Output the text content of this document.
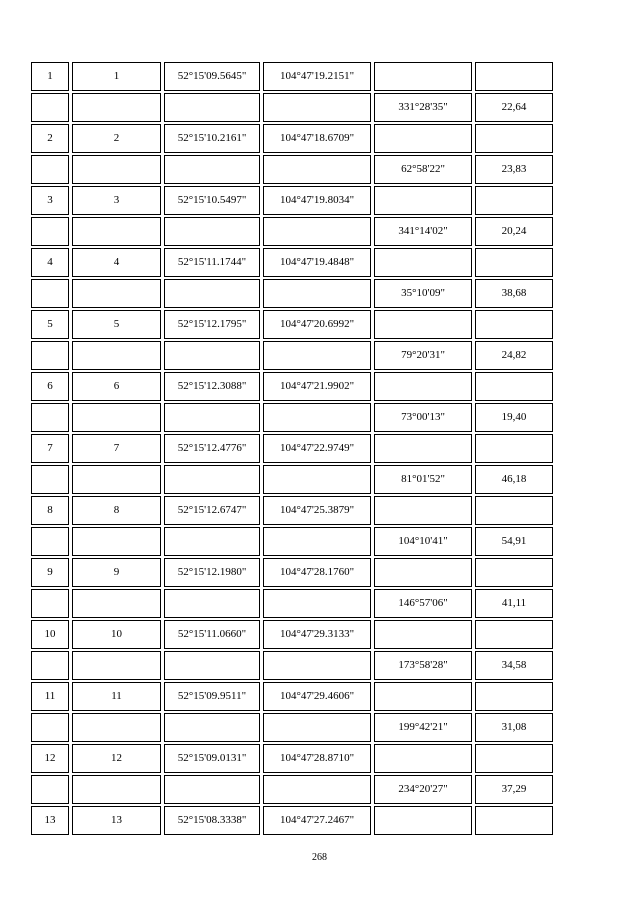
1	1	52°15'09.5645"	104°47'19.2151"		
				331°28'35"	22,64
2	2	52°15'10.2161"	104°47'18.6709"		
				62°58'22"	23,83
3	3	52°15'10.5497"	104°47'19.8034"		
				341°14'02"	20,24
4	4	52°15'11.1744"	104°47'19.4848"		
				35°10'09"	38,68
5	5	52°15'12.1795"	104°47'20.6992"		
				79°20'31"	24,82
6	6	52°15'12.3088"	104°47'21.9902"		
				73°00'13"	19,40
7	7	52°15'12.4776"	104°47'22.9749"		
				81°01'52"	46,18
8	8	52°15'12.6747"	104°47'25.3879"		
				104°10'41"	54,91
9	9	52°15'12.1980"	104°47'28.1760"		
				146°57'06"	41,11
10	10	52°15'11.0660"	104°47'29.3133"		
				173°58'28"	34,58
11	11	52°15'09.9511"	104°47'29.4606"		
				199°42'21"	31,08
12	12	52°15'09.0131"	104°47'28.8710"		
				234°20'27"	37,29
13	13	52°15'08.3338"	104°47'27.2467"		
268
